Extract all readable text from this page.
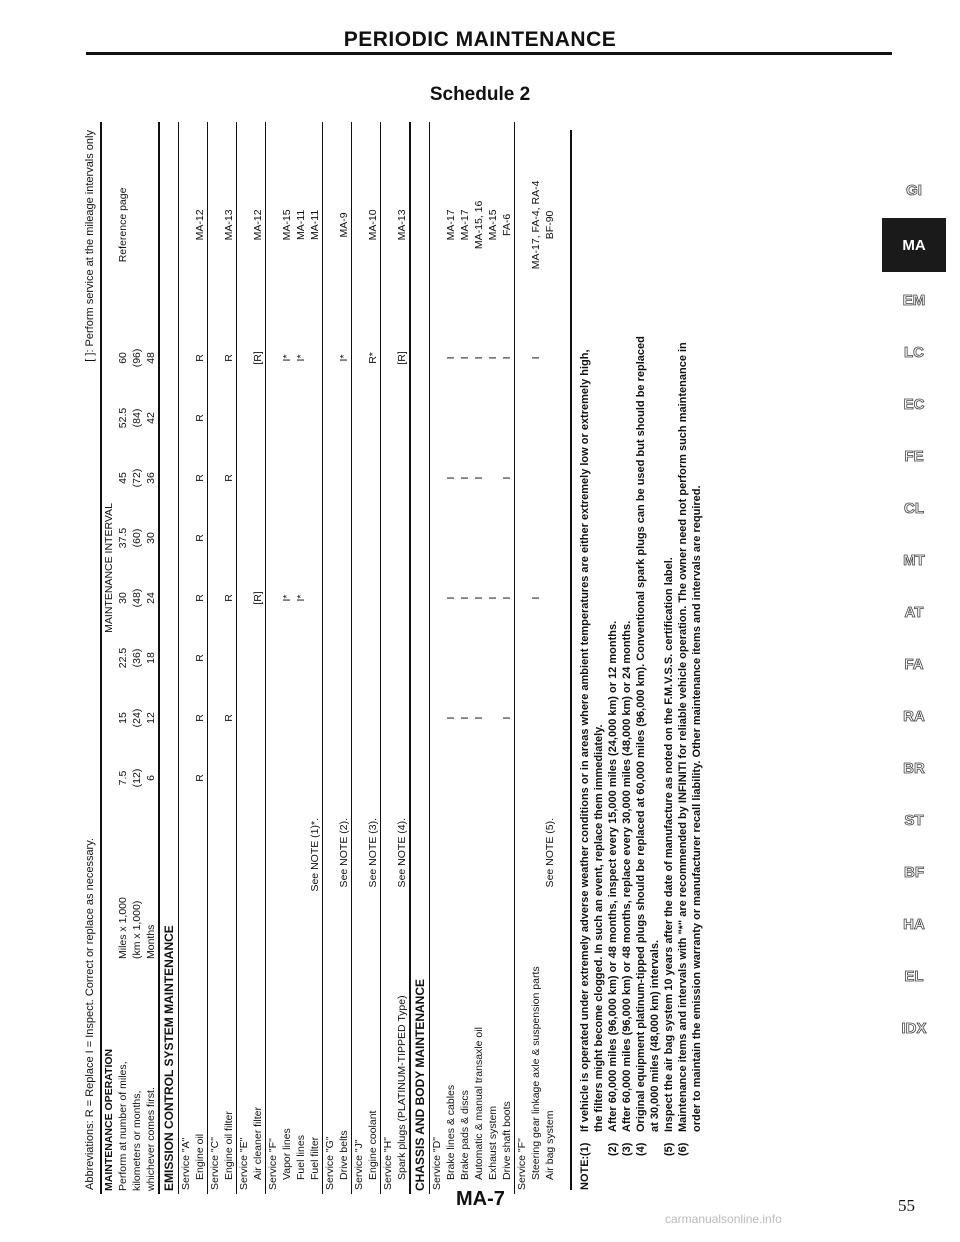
PERIODIC MAINTENANCE
Schedule 2
Abbreviations: R = Replace I = Inspect. Correct or replace as necessary.
[ ]: Perform service at the mileage intervals only
MAINTENANCE OPERATION		MAINTENANCE INTERVAL								
Perform at number of miles,	Miles x 1,000	7.5	15	22.5	30	37.5	45	52.5	60	Reference page
kilometers or months,	(km x 1,000)	(12)	(24)	(36)	(48)	(60)	(72)	(84)	(96)	
whichever comes first.	Months	6	12	18	24	30	36	42	48	
EMISSION CONTROL SYSTEM MAINTENANCE										
Service "A"										
Engine oil		R	R	R	R	R	R	R	R	MA-12
Service "C"										
Engine oil filter			R		R		R		R	MA-13
Service "E"										
Air cleaner filter					[R]				[R]	MA-12
Service "F"										
Vapor lines					I*				I*	MA-15
Fuel lines					I*				I*	MA-11
Fuel filter	See NOTE (1)*.									MA-11
Service "G"										
Drive belts	See NOTE (2).								I*	MA-9
Service "J"										
Engine coolant	See NOTE (3).								R*	MA-10
Service "H"										
Spark plugs (PLATINUM-TIPPED Type)	See NOTE (4).								[R]	MA-13
CHASSIS AND BODY MAINTENANCE										
Service "D"										
Brake lines & cables			I		I		I		I	MA-17
Brake pads & discs			I		I		I		I	MA-17
Automatic & manual transaxle oil			I		I		I		I	MA-15, 16
Exhaust system					I				I	MA-15
Drive shaft boots			I		I		I		I	FA-6
Service "F"										
Steering gear linkage axle & suspension parts					I				I	MA-17, FA-4, RA-4
Air bag system	See NOTE (5).									BF-90
NOTE:
(1)
If vehicle is operated under extremely adverse weather conditions or in areas where ambient temperatures are either extremely low or extremely high, the filters might become clogged. In such an event, replace them immediately.
(2)
After 60,000 miles (96,000 km) or 48 months, inspect every 15,000 miles (24,000 km) or 12 months.
(3)
After 60,000 miles (96,000 km) or 48 months, replace every 30,000 miles (48,000 km) or 24 months.
(4)
Original equipment platinum-tipped plugs should be replaced at 60,000 miles (96,000 km). Conventional spark plugs can be used but should be replaced at 30,000 miles (48,000 km) intervals.
(5)
Inspect the air bag system 10 years after the date of manufacture as noted on the F.M.V.S.S. certification label.
(6)
Maintenance items and intervals with "*" are recommended by INFINITI for reliable vehicle operation. The owner need not perform such maintenance in order to maintain the emission warranty or manufacturer recall liability. Other maintenance items and intervals are required.
GI
MA
EM
LC
EC
FE
CL
MT
AT
FA
RA
BR
ST
BF
HA
EL
IDX
MA-7	55
carmanualsonline.info
